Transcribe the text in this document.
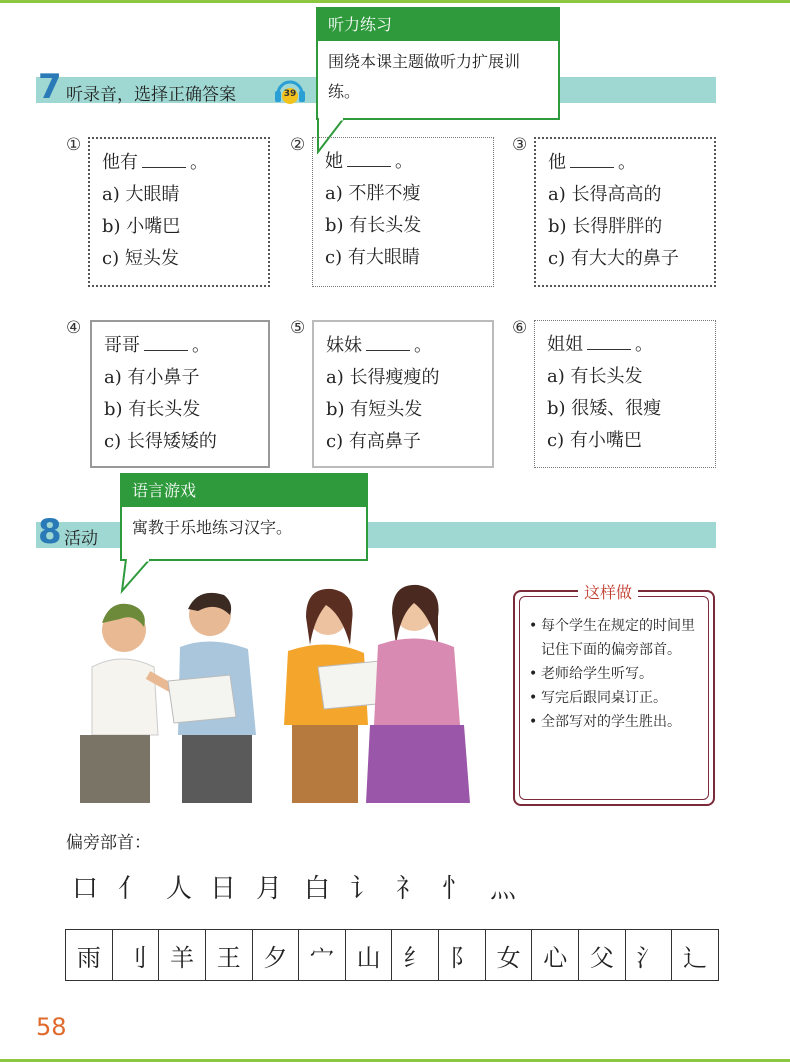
7 听录音，选择正确答案	39
听力练习
围绕本课主题做听力扩展训练。
①
他有	。
a) 大眼睛
b) 小嘴巴
c) 短头发
②
她	。
a) 不胖不瘦
b) 有长头发
c) 有大眼睛
③
他	。
a) 长得高高的
b) 长得胖胖的
c) 有大大的鼻子
④
哥哥	。
a) 有小鼻子
b) 有长头发
c) 长得矮矮的
⑤
妹妹	。
a) 长得瘦瘦的
b) 有短头发
c) 有高鼻子
⑥
姐姐	。
a) 有长头发
b) 很矮、很瘦
c) 有小嘴巴
8 活动
语言游戏
寓教于乐地练习汉字。
这样做
• 每个学生在规定的时间里记住下面的偏旁部首。
• 老师给学生听写。
• 写完后跟同桌订正。
• 全部写对的学生胜出。
偏旁部首：
口 亻 人 日 月 白 讠 礻 忄 灬
雨 刂 羊 王 夕 宀 山 纟 阝 女 心 父 氵 辶
58
